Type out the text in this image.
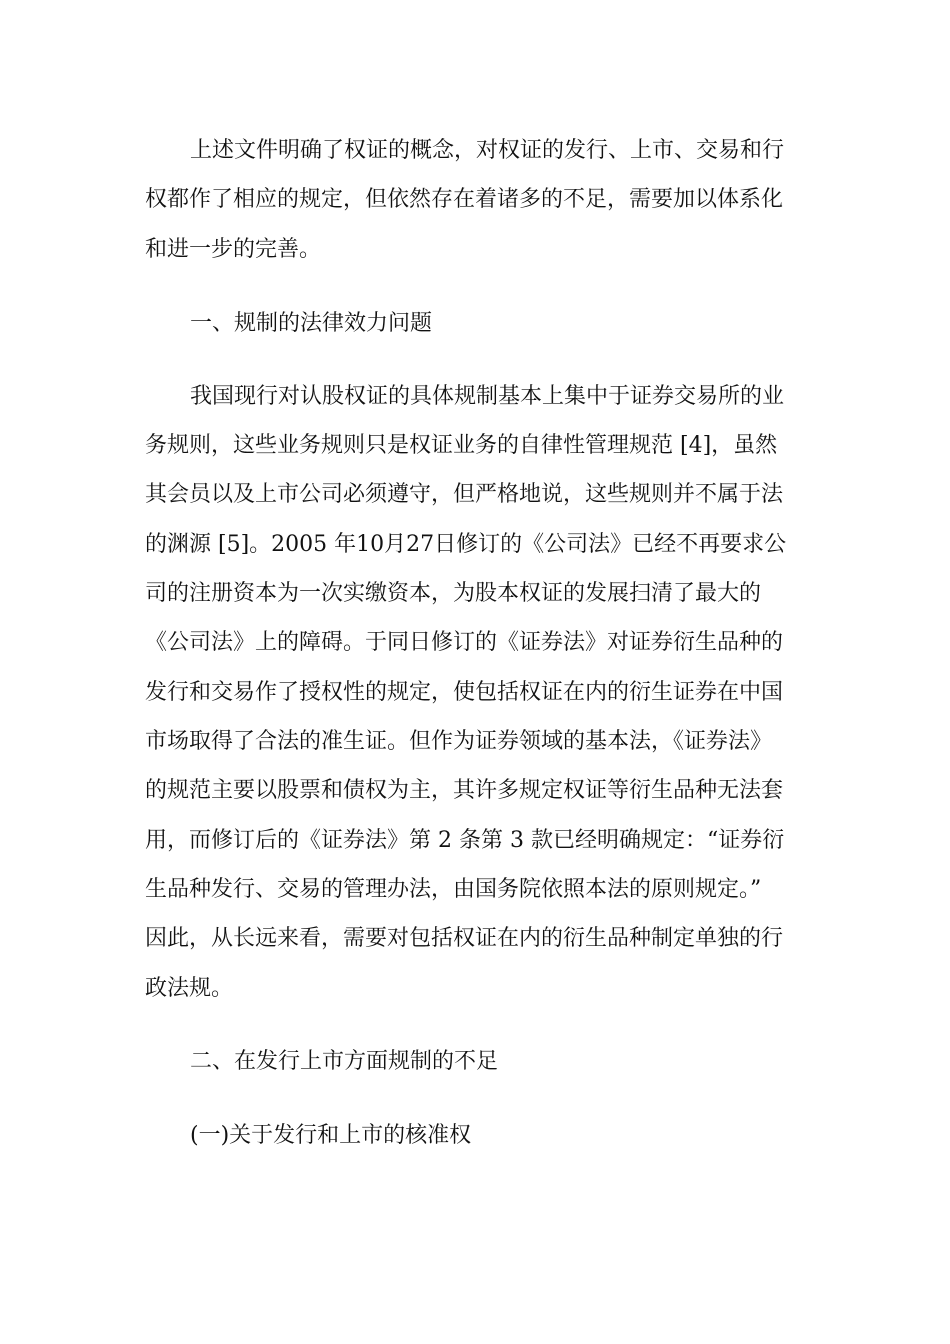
上述文件明确了权证的概念，对权证的发行、上市、交易和行
权都作了相应的规定，但依然存在着诸多的不足，需要加以体系化
和进一步的完善。
一、规制的法律效力问题
我国现行对认股权证的具体规制基本上集中于证券交易所的业
务规则，这些业务规则只是权证业务的自律性管理规范 [4]，虽然
其会员以及上市公司必须遵守，但严格地说，这些规则并不属于法
的渊源 [5]。2005 年10月27日修订的《公司法》已经不再要求公
司的注册资本为一次实缴资本，为股本权证的发展扫清了最大的
《公司法》上的障碍。于同日修订的《证券法》对证券衍生品种的
发行和交易作了授权性的规定，使包括权证在内的衍生证券在中国
市场取得了合法的准生证。但作为证券领域的基本法，《证券法》
的规范主要以股票和债权为主，其许多规定权证等衍生品种无法套
用，而修订后的《证券法》第 2 条第 3 款已经明确规定：“证券衍
生品种发行、交易的管理办法，由国务院依照本法的原则规定。”
因此，从长远来看，需要对包括权证在内的衍生品种制定单独的行
政法规。
二、在发行上市方面规制的不足
(一)关于发行和上市的核准权
